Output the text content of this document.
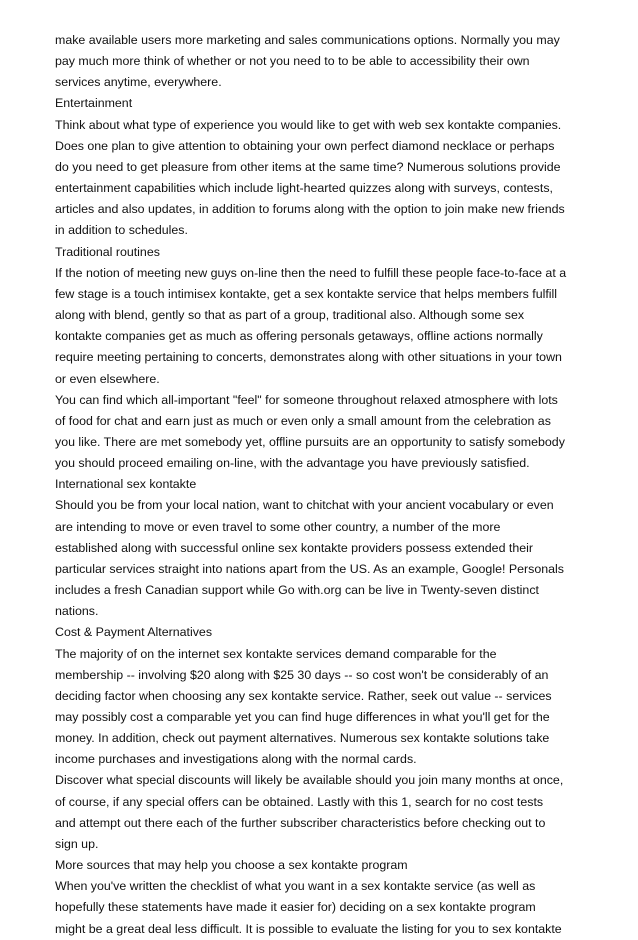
make available users more marketing and sales communications options. Normally you may
pay much more think of whether or not you need to to be able to accessibility their own
services anytime, everywhere.

Entertainment

Think about what type of experience you would like to get with web sex kontakte companies.
Does one plan to give attention to obtaining your own perfect diamond necklace or perhaps
do you need to get pleasure from other items at the same time? Numerous solutions provide
entertainment capabilities which include light-hearted quizzes along with surveys, contests,
articles and also updates, in addition to forums along with the option to join make new friends
in addition to schedules.

Traditional routines

If the notion of meeting new guys on-line then the need to fulfill these people face-to-face at a
few stage is a touch intimisex kontakte, get a sex kontakte service that helps members fulfill
along with blend, gently so that as part of a group, traditional also. Although some sex
kontakte companies get as much as offering personals getaways, offline actions normally
require meeting pertaining to concerts, demonstrates along with other situations in your town
or even elsewhere.

You can find which all-important "feel" for someone throughout relaxed atmosphere with lots
of food for chat and earn just as much or even only a small amount from the celebration as
you like. There are met somebody yet, offline pursuits are an opportunity to satisfy somebody
you should proceed emailing on-line, with the advantage you have previously satisfied.

International sex kontakte

Should you be from your local nation, want to chitchat with your ancient vocabulary or even
are intending to move or even travel to some other country, a number of the more
established along with successful online sex kontakte providers possess extended their
particular services straight into nations apart from the US. As an example, Google! Personals
includes a fresh Canadian support while Go with.org can be live in Twenty-seven distinct
nations.

Cost & Payment Alternatives

The majority of on the internet sex kontakte services demand comparable for the
membership -- involving $20 along with $25 30 days -- so cost won't be considerably of an
deciding factor when choosing any sex kontakte service. Rather, seek out value -- services
may possibly cost a comparable yet you can find huge differences in what you'll get for the
money. In addition, check out payment alternatives. Numerous sex kontakte solutions take
income purchases and investigations along with the normal cards.

Discover what special discounts will likely be available should you join many months at once,
of course, if any special offers can be obtained. Lastly with this 1, search for no cost tests
and attempt out there each of the further subscriber characteristics before checking out to
sign up.

More sources that may help you choose a sex kontakte program

When you've written the checklist of what you want in a sex kontakte service (as well as
hopefully these statements have made it easier for) deciding on a sex kontakte program
might be a great deal less difficult. It is possible to evaluate the listing for you to sex kontakte
